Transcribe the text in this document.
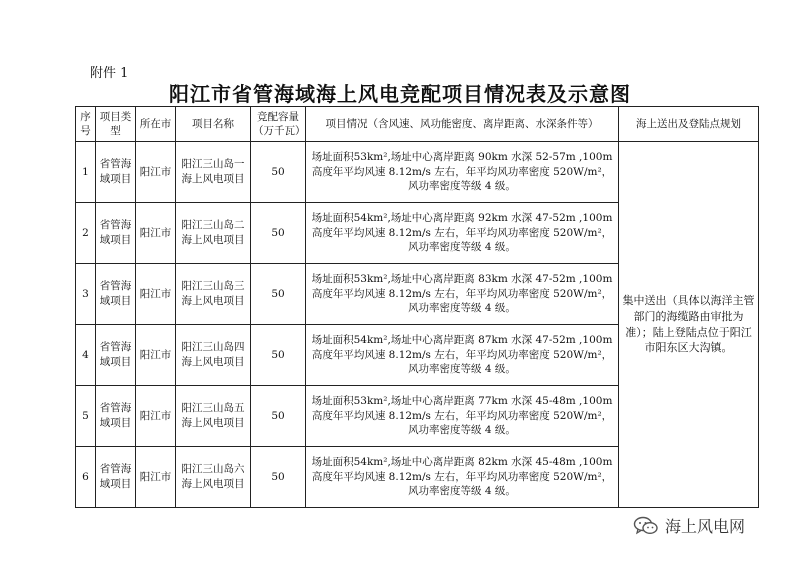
附件 1
阳江市省管海域海上风电竞配项目情况表及示意图
序号	项目类型	所在市	项目名称	竞配容量（万千瓦）	项目情况（含风速、风功能密度、离岸距离、水深条件等）	海上送出及登陆点规划
1	省管海域项目	阳江市	阳江三山岛一海上风电项目	50	场址面积53km²,场址中心离岸距离 90km 水深 52-57m ,100m 高度年平均风速 8.12m/s 左右，年平均风功率密度 520W/m²，风功率密度等级 4 级。	集中送出（具体以海洋主管部门的海缆路由审批为准）；陆上登陆点位于阳江市阳东区大沟镇。
2	省管海域项目	阳江市	阳江三山岛二海上风电项目	50	场址面积54km²,场址中心离岸距离 92km 水深 47-52m ,100m 高度年平均风速 8.12m/s 左右，年平均风功率密度 520W/m²，风功率密度等级 4 级。	
3	省管海域项目	阳江市	阳江三山岛三海上风电项目	50	场址面积53km²,场址中心离岸距离 83km 水深 47-52m ,100m 高度年平均风速 8.12m/s 左右，年平均风功率密度 520W/m²，风功率密度等级 4 级。	
4	省管海域项目	阳江市	阳江三山岛四海上风电项目	50	场址面积54km²,场址中心离岸距离 87km 水深 47-52m ,100m 高度年平均风速 8.12m/s 左右，年平均风功率密度 520W/m²，风功率密度等级 4 级。	
5	省管海域项目	阳江市	阳江三山岛五海上风电项目	50	场址面积53km²,场址中心离岸距离 77km 水深 45-48m ,100m 高度年平均风速 8.12m/s 左右，年平均风功率密度 520W/m²，风功率密度等级 4 级。	
6	省管海域项目	阳江市	阳江三山岛六海上风电项目	50	场址面积54km²,场址中心离岸距离 82km 水深 45-48m ,100m 高度年平均风速 8.12m/s 左右，年平均风功率密度 520W/m²，风功率密度等级 4 级。	
海上风电网
